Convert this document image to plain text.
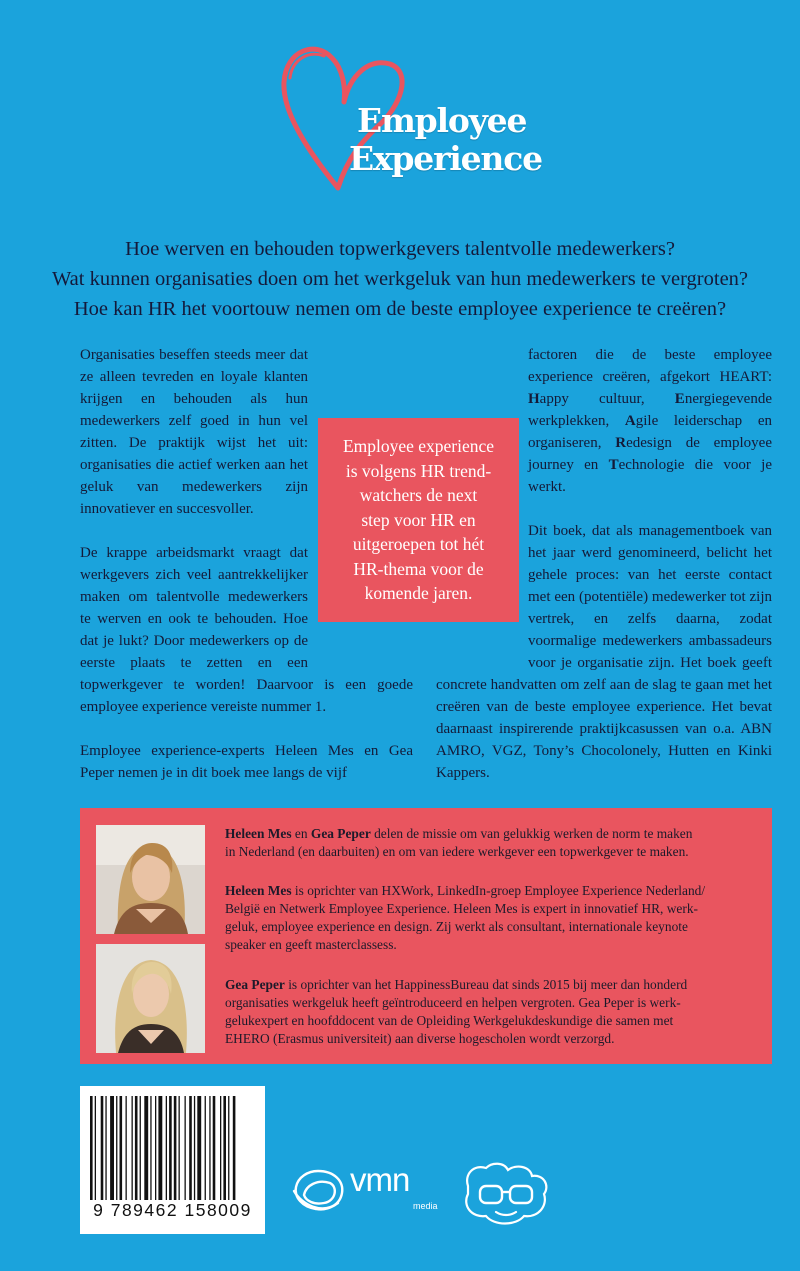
Employee
Experience
Hoe werven en behouden topwerkgevers talentvolle medewerkers?
Wat kunnen organisaties doen om het werkgeluk van hun medewerkers te vergroten?
Hoe kan HR het voortouw nemen om de beste employee experience te creëren?

Organisaties beseffen steeds meer dat ze alleen tevreden en loyale klanten krijgen en behouden als hun medewerkers zelf goed in hun vel zitten. De praktijk wijst het uit: organisaties die actief werken aan het geluk van medewerkers zijn innovatiever en succesvoller.

De krappe arbeidsmarkt vraagt dat werkgevers zich veel aantrekkelijker maken om talentvolle medewerkers te werven en ook te behouden. Hoe dat je lukt? Door medewerkers op de eerste plaats te zetten en een topwerkgever te worden! Daarvoor is een goede employee experience vereiste nummer 1.

Employee experience-experts Heleen Mes en Gea Peper nemen je in dit boek mee langs de vijf

factoren die de beste employee experience creëren, afgekort HEART: Happy cultuur, Energiegevende werkplekken, Agile leiderschap en organiseren, Redesign de employee journey en Technologie die voor je werkt.

Dit boek, dat als managementboek van het jaar werd genomineerd, belicht het gehele proces: van het eerste contact met een (potentiële) medewerker tot zijn vertrek, en zelfs daarna, zodat voormalige medewerkers ambassadeurs voor je organisatie zijn. Het boek geeft concrete handvatten om zelf aan de slag te gaan met het creëren van de beste employee experience. Het bevat daarnaast inspirerende praktijkcasussen van o.a. ABN AMRO, VGZ, Tony’s Chocolonely, Hutten en Kinki Kappers.

Employee experience
is volgens HR trend-
watchers de next
step voor HR en
uitgeroepen tot hét
HR-thema voor de
komende jaren.
Heleen Mes en Gea Peper delen de missie om van gelukkig werken de norm te maken
in Nederland (en daarbuiten) en om van iedere werkgever een topwerkgever te maken.
Heleen Mes is oprichter van HXWork, LinkedIn-groep Employee Experience Nederland/
België en Netwerk Employee Experience. Heleen Mes is expert in innovatief HR, werk-
geluk, employee experience en design. Zij werkt als consultant, internationale keynote
speaker en geeft masterclassess.
Gea Peper is oprichter van het HappinessBureau dat sinds 2015 bij meer dan honderd
organisaties werkgeluk heeft geïntroduceerd en helpen vergroten. Gea Peper is werk-
gelukexpert en hoofddocent van de Opleiding Werkgelukdeskundige die samen met
EHERO (Erasmus universiteit) aan diverse hogescholen wordt verzorgd.
9 789462 158009
vmn
media
